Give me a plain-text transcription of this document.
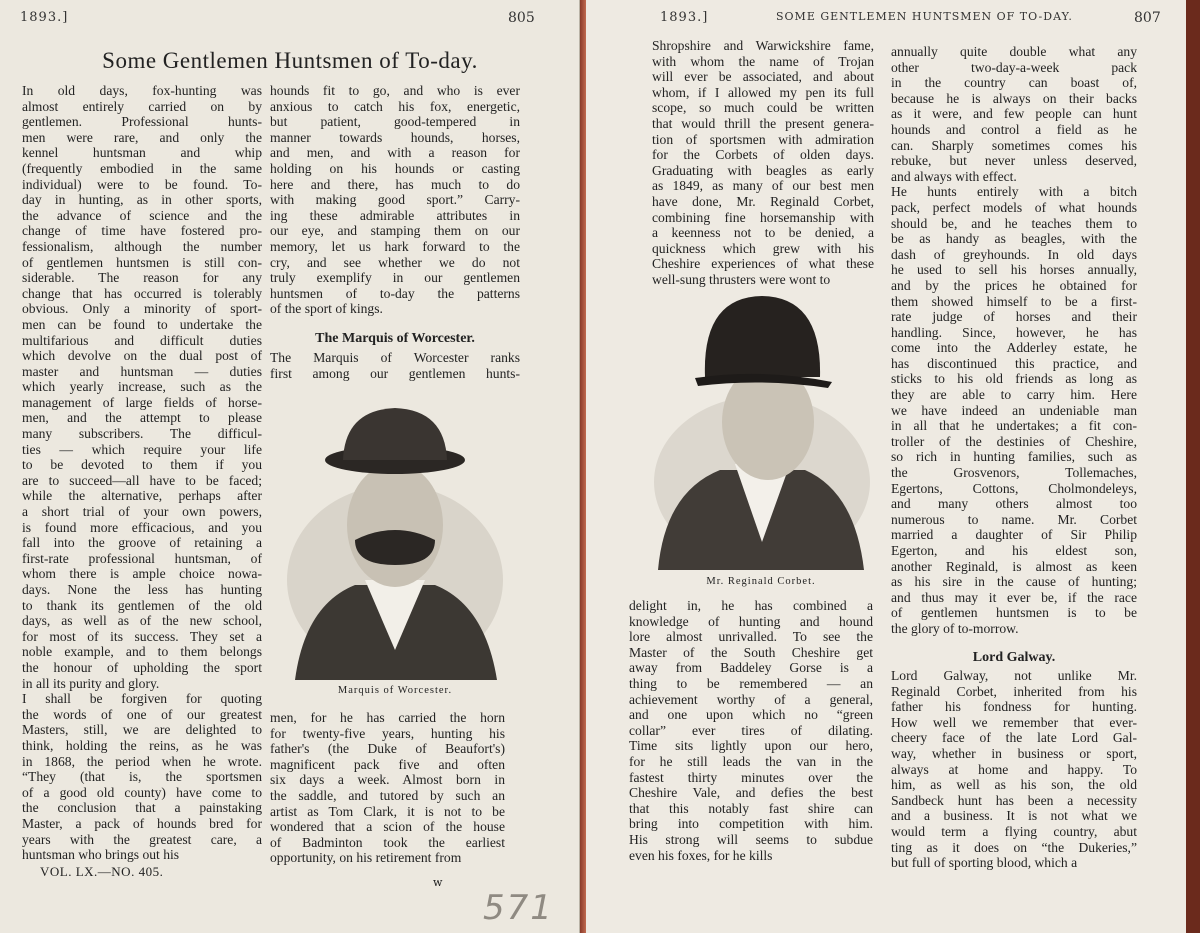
1893.]	805
Some Gentlemen Huntsmen of To-day.
In old days, fox-hunting was
almost entirely carried on by
gentlemen. Professional hunts-
men were rare, and only the
kennel huntsman and whip
(frequently embodied in the same
individual) were to be found. To-
day in hunting, as in other sports,
the advance of science and the
change of time have fostered pro-
fessionalism, although the number
of gentlemen huntsmen is still con-
siderable. The reason for any
change that has occurred is tolerably
obvious. Only a minority of sport-
men can be found to undertake the
multifarious and difficult duties
which devolve on the dual post of
master and huntsman — duties
which yearly increase, such as the
management of large fields of horse-
men, and the attempt to please
many subscribers. The difficul-
ties — which require your life
to be devoted to them if you
are to succeed—all have to be faced;
while the alternative, perhaps after
a short trial of your own powers,
is found more efficacious, and you
fall into the groove of retaining a
first-rate professional huntsman, of
whom there is ample choice nowa-
days. None the less has hunting
to thank its gentlemen of the old
days, as well as of the new school,
for most of its success. They set a
noble example, and to them belongs
the honour of upholding the sport
in all its purity and glory.
I shall be forgiven for quoting
the words of one of our greatest
Masters, still, we are delighted to
think, holding the reins, as he was
in 1868, the period when he wrote.
“They (that is, the sportsmen
of a good old county) have come to
the conclusion that a painstaking
Master, a pack of hounds bred for
years with the greatest care, a
huntsman who brings out his
hounds fit to go, and who is ever
anxious to catch his fox, energetic,
but patient, good-tempered in
manner towards hounds, horses,
and men, and with a reason for
holding on his hounds or casting
here and there, has much to do
with making good sport.” Carry-
ing these admirable attributes in
our eye, and stamping them on our
memory, let us hark forward to the
cry, and see whether we do not
truly exemplify in our gentlemen
huntsmen of to-day the patterns
of the sport of kings.
The Marquis of Worcester.
The Marquis of Worcester ranks
first among our gentlemen hunts-
Marquis of Worcester.
men, for he has carried the horn
for twenty-five years, hunting his
father's (the Duke of Beaufort's)
magnificent pack five and often
six days a week. Almost born in
the saddle, and tutored by such an
artist as Tom Clark, it is not to be
wondered that a scion of the house
of Badminton took the earliest
opportunity, on his retirement from
VOL. LX.—NO. 405.
w
1893.]	SOME GENTLEMEN HUNTSMEN OF TO-DAY.	807
Shropshire and Warwickshire fame,
with whom the name of Trojan
will ever be associated, and about
whom, if I allowed my pen its full
scope, so much could be written
that would thrill the present genera-
tion of sportsmen with admiration
for the Corbets of olden days.
Graduating with beagles as early
as 1849, as many of our best men
have done, Mr. Reginald Corbet,
combining fine horsemanship with
a keenness not to be denied, a
quickness which grew with his
Cheshire experiences of what these
well-sung thrusters were wont to
Mr. Reginald Corbet.
delight in, he has combined a
knowledge of hunting and hound
lore almost unrivalled. To see the
Master of the South Cheshire get
away from Baddeley Gorse is a
thing to be remembered — an
achievement worthy of a general,
and one upon which no “green
collar” ever tires of dilating.
Time sits lightly upon our hero,
for he still leads the van in the
fastest thirty minutes over the
Cheshire Vale, and defies the best
that this notably fast shire can
bring into competition with him.
His strong will seems to subdue
even his foxes, for he kills
annually quite double what any
other two-day-a-week pack
in the country can boast of,
because he is always on their backs
as it were, and few people can hunt
hounds and control a field as he
can. Sharply sometimes comes his
rebuke, but never unless deserved,
and always with effect.
He hunts entirely with a bitch
pack, perfect models of what hounds
should be, and he teaches them to
be as handy as beagles, with the
dash of greyhounds. In old days
he used to sell his horses annually,
and by the prices he obtained for
them showed himself to be a first-
rate judge of horses and their
handling. Since, however, he has
come into the Adderley estate, he
has discontinued this practice, and
sticks to his old friends as long as
they are able to carry him. Here
we have indeed an undeniable man
in all that he undertakes; a fit con-
troller of the destinies of Cheshire,
so rich in hunting families, such as
the Grosvenors, Tollemaches,
Egertons, Cottons, Cholmondeleys,
and many others almost too
numerous to name. Mr. Corbet
married a daughter of Sir Philip
Egerton, and his eldest son,
another Reginald, is almost as keen
as his sire in the cause of hunting;
and thus may it ever be, if the race
of gentlemen huntsmen is to be
the glory of to-morrow.
Lord Galway.
Lord Galway, not unlike Mr.
Reginald Corbet, inherited from his
father his fondness for hunting.
How well we remember that ever-
cheery face of the late Lord Gal-
way, whether in business or sport,
always at home and happy. To
him, as well as his son, the old
Sandbeck hunt has been a necessity
and a business. It is not what we
would term a flying country, abut
ting as it does on “the Dukeries,”
but full of sporting blood, which a
571
